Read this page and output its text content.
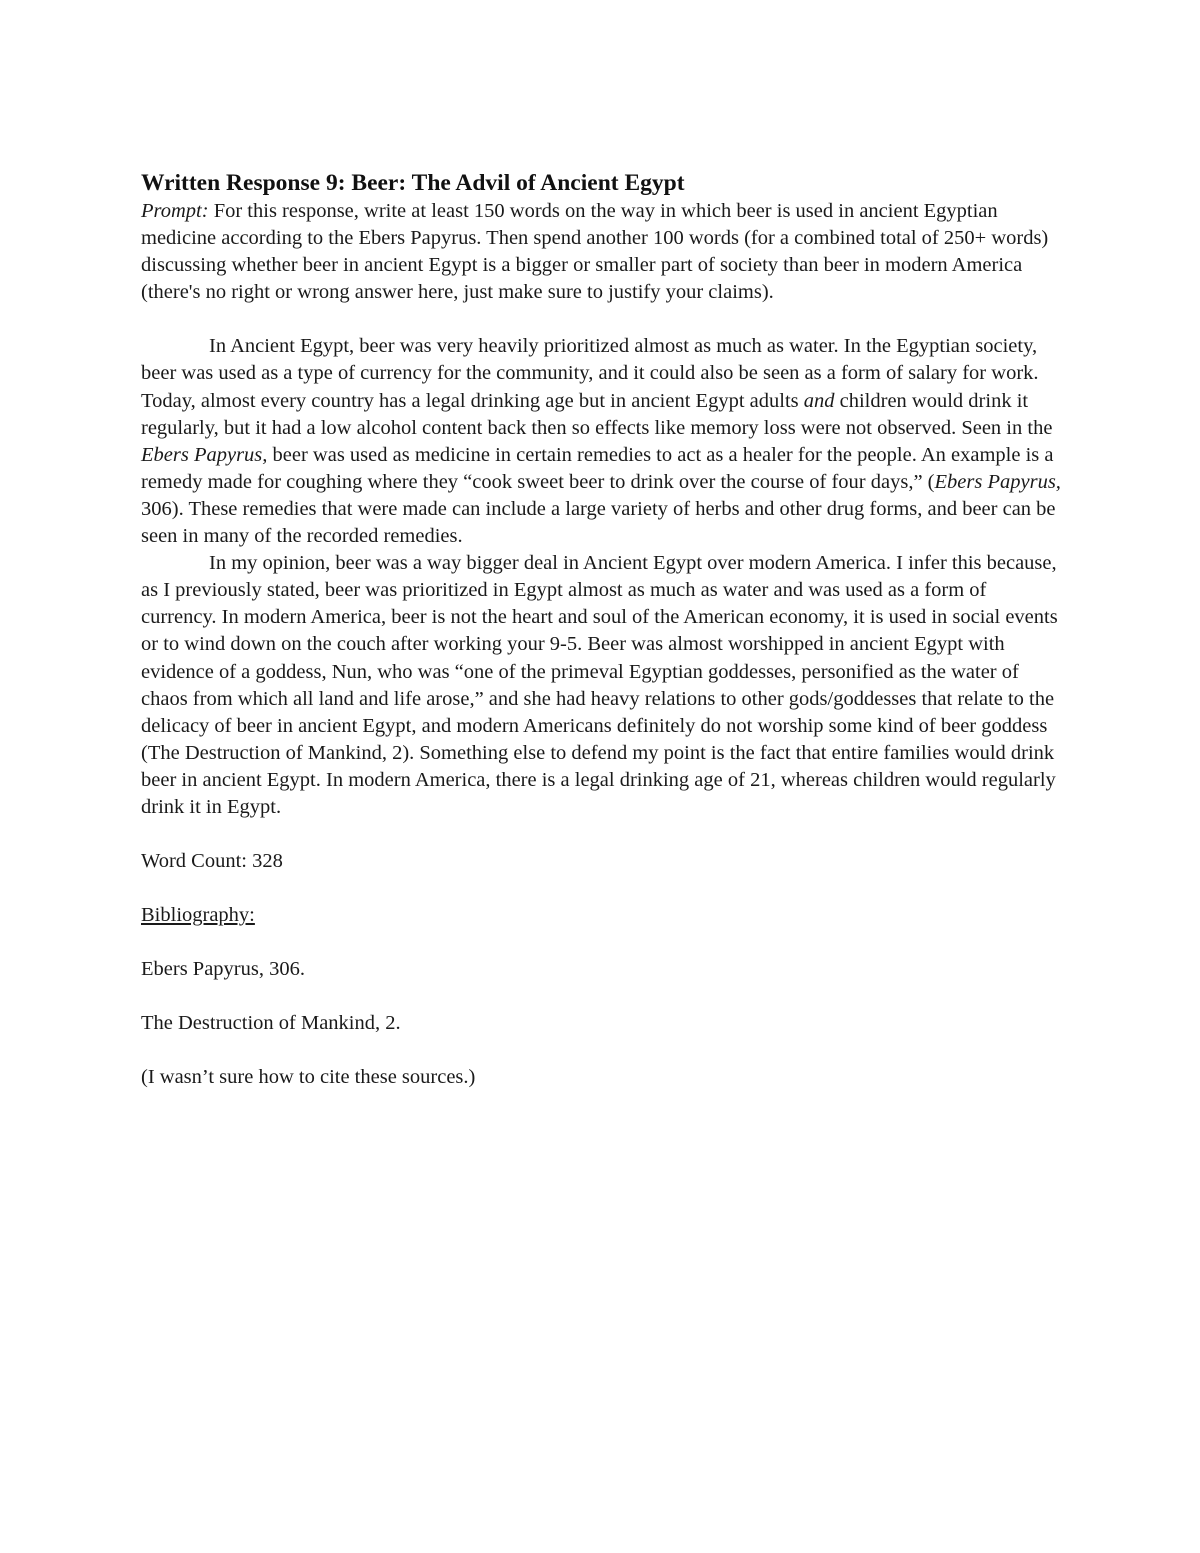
Written Response 9: Beer: The Advil of Ancient Egypt

Prompt: For this response, write at least 150 words on the way in which beer is used in ancient Egyptian medicine according to the Ebers Papyrus. Then spend another 100 words (for a combined total of 250+ words) discussing whether beer in ancient Egypt is a bigger or smaller part of society than beer in modern America (there's no right or wrong answer here, just make sure to justify your claims).

In Ancient Egypt, beer was very heavily prioritized almost as much as water. In the Egyptian society, beer was used as a type of currency for the community, and it could also be seen as a form of salary for work. Today, almost every country has a legal drinking age but in ancient Egypt adults and children would drink it regularly, but it had a low alcohol content back then so effects like memory loss were not observed. Seen in the Ebers Papyrus, beer was used as medicine in certain remedies to act as a healer for the people. An example is a remedy made for coughing where they “cook sweet beer to drink over the course of four days,” (Ebers Papyrus, 306). These remedies that were made can include a large variety of herbs and other drug forms, and beer can be seen in many of the recorded remedies.

In my opinion, beer was a way bigger deal in Ancient Egypt over modern America. I infer this because, as I previously stated, beer was prioritized in Egypt almost as much as water and was used as a form of currency. In modern America, beer is not the heart and soul of the American economy, it is used in social events or to wind down on the couch after working your 9-5. Beer was almost worshipped in ancient Egypt with evidence of a goddess, Nun, who was “one of the primeval Egyptian goddesses, personified as the water of chaos from which all land and life arose,” and she had heavy relations to other gods/goddesses that relate to the delicacy of beer in ancient Egypt, and modern Americans definitely do not worship some kind of beer goddess (The Destruction of Mankind, 2). Something else to defend my point is the fact that entire families would drink beer in ancient Egypt. In modern America, there is a legal drinking age of 21, whereas children would regularly drink it in Egypt.

Word Count: 328

Bibliography:

Ebers Papyrus, 306.

The Destruction of Mankind, 2.

(I wasn’t sure how to cite these sources.)
